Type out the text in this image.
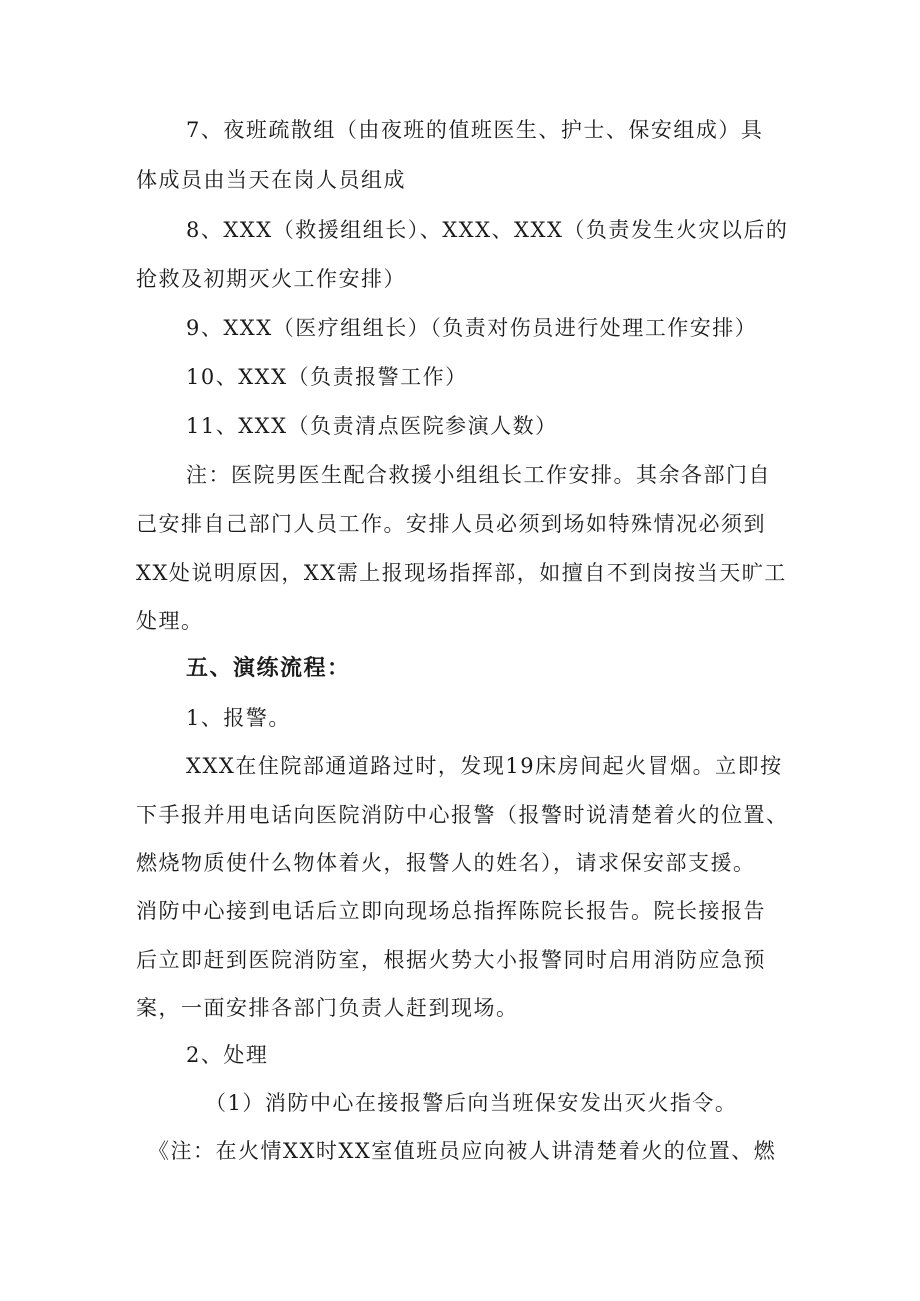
7、夜班疏散组（由夜班的值班医生、护士、保安组成）具
体成员由当天在岗人员组成
8、XXX（救援组组长）、XXX、XXX（负责发生火灾以后的
抢救及初期灭火工作安排）
9、XXX（医疗组组长）（负责对伤员进行处理工作安排）
10、XXX（负责报警工作）
11、XXX（负责清点医院参演人数）
注：医院男医生配合救援小组组长工作安排。其余各部门自
己安排自己部门人员工作。安排人员必须到场如特殊情况必须到
XX处说明原因，XX需上报现场指挥部，如擅自不到岗按当天旷工
处理。
五、演练流程：
1、报警。
XXX在住院部通道路过时，发现19床房间起火冒烟。立即按
下手报并用电话向医院消防中心报警（报警时说清楚着火的位置、
燃烧物质使什么物体着火，报警人的姓名），请求保安部支援。
消防中心接到电话后立即向现场总指挥陈院长报告。院长接报告
后立即赶到医院消防室，根据火势大小报警同时启用消防应急预
案，一面安排各部门负责人赶到现场。
2、处理
（1）消防中心在接报警后向当班保安发出灭火指令。
《注：在火情XX时XX室值班员应向被人讲清楚着火的位置、燃
